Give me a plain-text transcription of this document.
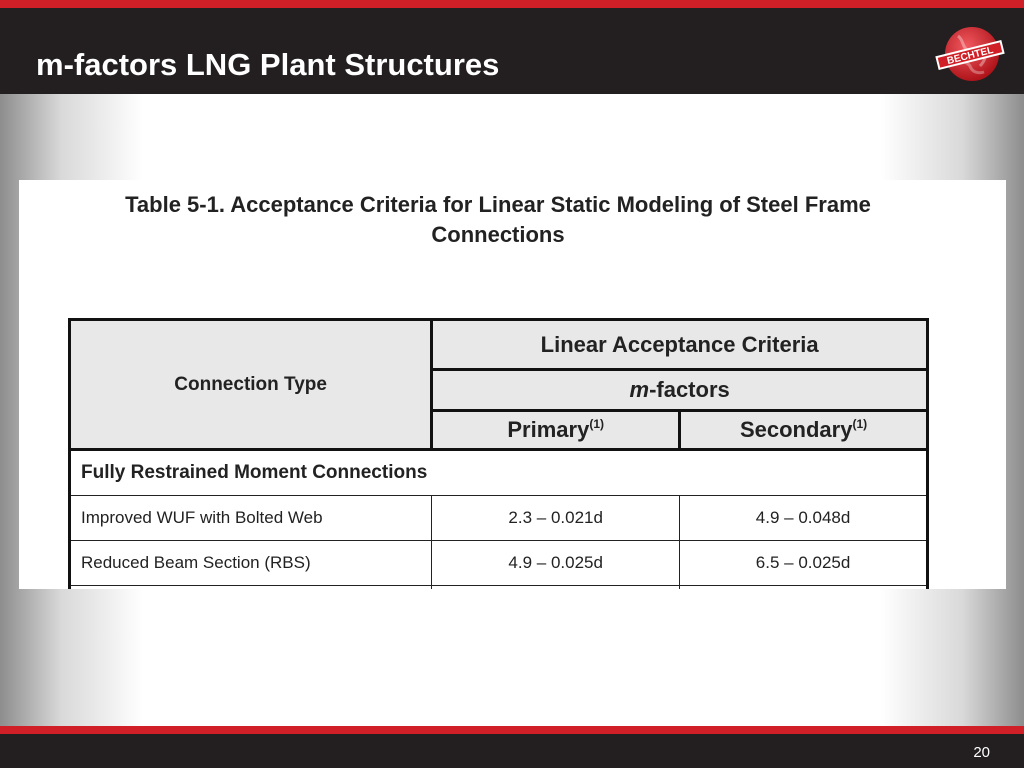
m-factors LNG Plant Structures	BECHTEL
Table 5-1. Acceptance Criteria for Linear Static Modeling of Steel Frame
Connections
Connection Type	Linear Acceptance Criteria	
	m-factors	
	Primary$^{(1)}$	Secondary$^{(1)}$
Fully Restrained Moment Connections		
Improved WUF with Bolted Web	2.3 – 0.021d	4.9 – 0.048d
Reduced Beam Section (RBS)	4.9 – 0.025d	6.5 – 0.025d

20
